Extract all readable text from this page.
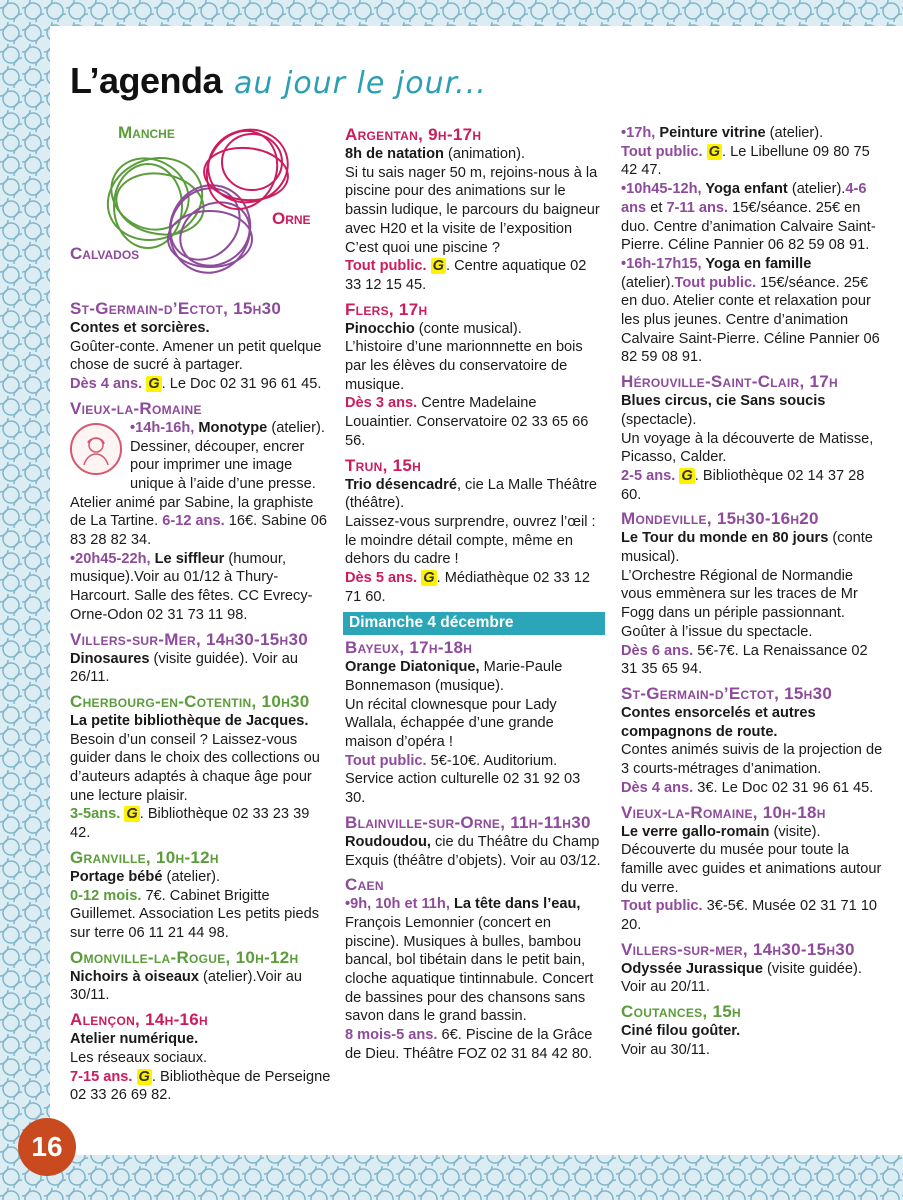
L’agenda au jour le jour...
Manche
Orne
Calvados
St-Germain-d’Ectot, 15h30

Contes et sorcières.

Goûter-conte. Amener un petit quelque chose de sucré à partager.

Dès 4 ans. G . Le Doc 02 31 96 61 45.

Vieux-la-Romaine

•14h-16h, Monotype
(atelier). Dessiner, découper, encrer pour imprimer une image unique à l’aide d’une presse. Atelier animé par Sabine, la graphiste de La Tartine. 6-12 ans. 16€. Sabine 06 83 28 82 34.

•20h45-22h, Le siffleur (humour, musique).Voir au 01/12 à Thury-Harcourt. Salle des fêtes. CC Evrecy-Orne-Odon 02 31 73 11 98.

Villers-sur-Mer, 14h30-15h30

Dinosaures (visite guidée). Voir au 26/11.

Cherbourg-en-Cotentin, 10h30

La petite bibliothèque de Jacques.

Besoin d’un conseil ? Laissez-vous guider dans le choix des collections ou d’auteurs adaptés à chaque âge pour une lecture plaisir.

3-5ans. G . Bibliothèque 02 33 23 39 42.

Granville, 10h-12h

Portage bébé (atelier).

0-12 mois. 7€. Cabinet Brigitte Guillemet. Association Les petits pieds sur terre 06 11 21 44 98.

Omonville-la-Rogue, 10h-12h

Nichoirs à oiseaux (atelier).Voir au 30/11.

Alençon, 14h-16h

Atelier numérique.

Les réseaux sociaux.

7-15 ans. G . Bibliothèque de Perseigne 02 33 26 69 82.

Argentan, 9h-17h

8h de natation (animation).

Si tu sais nager 50 m, rejoins-nous à la piscine pour des animations sur le bassin ludique, le parcours du baigneur avec H20 et la visite de l’exposition C’est quoi une piscine ?

Tout public. G . Centre aquatique 02 33 12 15 45.

Flers, 17h

Pinocchio (conte musical).

L’histoire d’une marionnnette en bois par les élèves du conservatoire de musique.

Dès 3 ans. Centre Madelaine Louaintier. Conservatoire 02 33 65 66 56.

Trun, 15h

Trio désencadré, cie La Malle Théâtre (théâtre).

Laissez-vous surprendre, ouvrez l’œil : le moindre détail compte, même en dehors du cadre !

Dès 5 ans. G . Médiathèque 02 33 12 71 60.

Dimanche 4 décembre
Bayeux, 17h-18h

Orange Diatonique, Marie-Paule Bonnemason (musique).

Un récital clownesque pour Lady Wallala, échappée d’une grande maison d’opéra !

Tout public. 5€-10€. Auditorium. Service action culturelle 02 31 92 03 30.

Blainville-sur-Orne, 11h-11h30

Roudoudou, cie du Théâtre du Champ Exquis (théâtre d’objets). Voir au 03/12.

Caen

•9h, 10h et 11h, La tête dans l’eau, François Lemonnier (concert en piscine). Musiques à bulles, bambou bancal, bol tibétain dans le petit bain, cloche aquatique tintinnabule. Concert de bassines pour des chansons sans savon dans le grand bassin.

8 mois-5 ans. 6€. Piscine de la Grâce de Dieu. Théâtre FOZ 02 31 84 42 80.

•17h, Peinture vitrine (atelier).

Tout public. G . Le Libellune 09 80 75 42 47.

•10h45-12h, Yoga enfant (atelier).4-6 ans et 7-11 ans. 15€/séance. 25€ en duo. Centre d’animation Calvaire Saint-Pierre. Céline Pannier 06 82 59 08 91.

•16h-17h15, Yoga en famille (atelier).Tout public. 15€/séance. 25€ en duo. Atelier conte et relaxation pour les plus jeunes. Centre d’animation Calvaire Saint-Pierre. Céline Pannier 06 82 59 08 91.

Hérouville-Saint-Clair, 17h

Blues circus, cie Sans soucis (spectacle).

Un voyage à la découverte de Matisse, Picasso, Calder.

2-5 ans. G . Bibliothèque 02 14 37 28 60.

Mondeville, 15h30-16h20

Le Tour du monde en 80 jours (conte musical).

L’Orchestre Régional de Normandie vous emmènera sur les traces de Mr Fogg dans un périple passionnant. Goûter à l’issue du spectacle.

Dès 6 ans. 5€-7€. La Renaissance 02 31 35 65 94.

St-Germain-d’Ectot, 15h30

Contes ensorcelés et autres compagnons de route.

Contes animés suivis de la projection de 3 courts-métrages d’animation.

Dès 4 ans. 3€. Le Doc 02 31 96 61 45.

Vieux-la-Romaine, 10h-18h

Le verre gallo-romain (visite).

Découverte du musée pour toute la famille avec guides et animations autour du verre.

Tout public. 3€-5€. Musée 02 31 71 10 20.

Villers-sur-mer, 14h30-15h30

Odyssée Jurassique (visite guidée).

Voir au 20/11.

Coutances, 15h

Ciné filou goûter.

Voir au 30/11.

16
